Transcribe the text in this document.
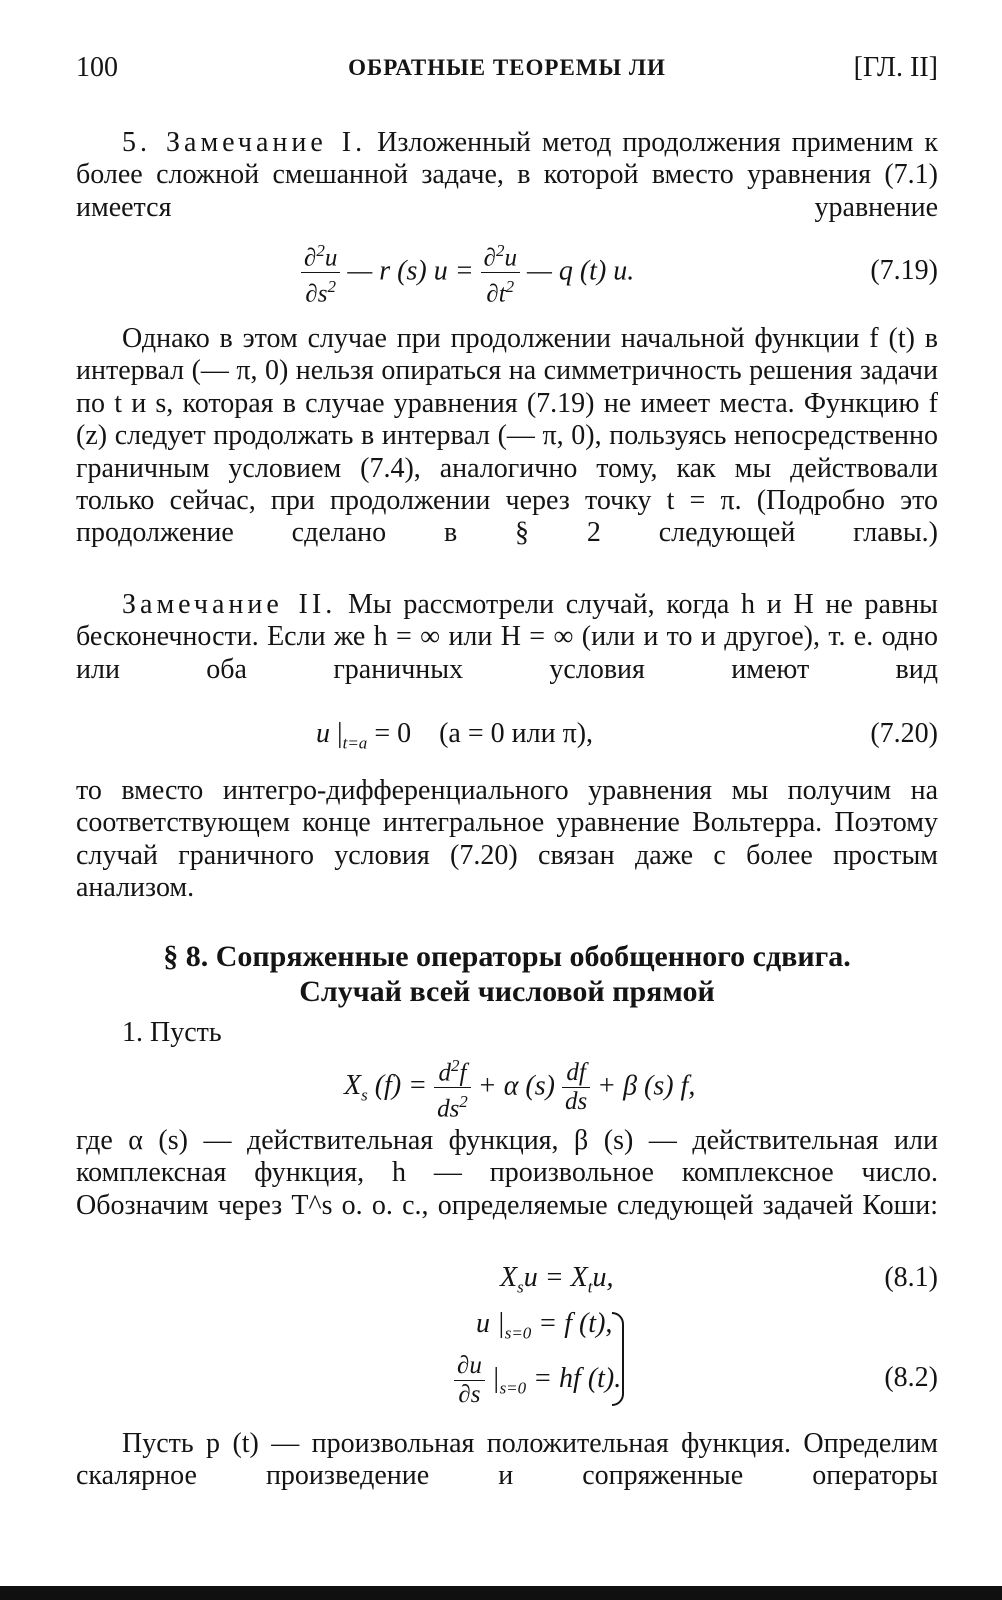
100	ОБРАТНЫЕ ТЕОРЕМЫ ЛИ	[ГЛ. II]

5. Замечание I. Изложенный метод продолжения применим к более сложной смешанной задаче, в которой вместо уравнения (7.1) имеется уравнение

$\frac{\partial^2u}{\partial s^2}$ — r (s) $u = \frac{\partial^2u}{\partial t^2}$ — q (t) u.	(7.19)

Однако в этом случае при продолжении начальной функции f (t) в интервал (— π, 0) нельзя опираться на симметричность решения задачи по t и s, которая в случае уравнения (7.19) не имеет места. Функцию f (z) следует продолжать в интервал (— π, 0), пользуясь непосредственно граничным условием (7.4), аналогично тому, как мы действовали только сейчас, при продолжении через точку t = π. (Подробно это продолжение сделано в § 2 следующей главы.)

Замечание II. Мы рассмотрели случай, когда h и H не равны бесконечности. Если же h = ∞ или H = ∞ (или и то и другое), т. е. одно или оба граничных условия имеют вид

u $|_{t=a} = 0$    (a = 0 или π),	(7.20)

то вместо интегро-дифференциального уравнения мы получим на соответствующем конце интегральное уравнение Вольтерра. Поэтому случай граничного условия (7.20) связан даже с более простым анализом.

§ 8. Сопряженные операторы обобщенного сдвига.
Случай всей числовой прямой

1. Пусть

$X_s$ $(f) = \frac{d^2f}{ds^2} + \alpha$ $(s) \frac{df}{ds} + \beta$ (s) f,

где α (s) — действительная функция, β (s) — действительная или комплексная функция, h — произвольное комплексное число. Обозначим через T^s о. о. с., определяемые следующей задачей Коши:

$X_su = X_tu$,	(8.1)
u $|_{s=0} = f$ (t),
$\frac{\partial u}{\partial s} |_{s=0}$ = hf (t).	(8.2)

Пусть p (t) — произвольная положительная функция. Определим скалярное произведение и сопряженные операторы
